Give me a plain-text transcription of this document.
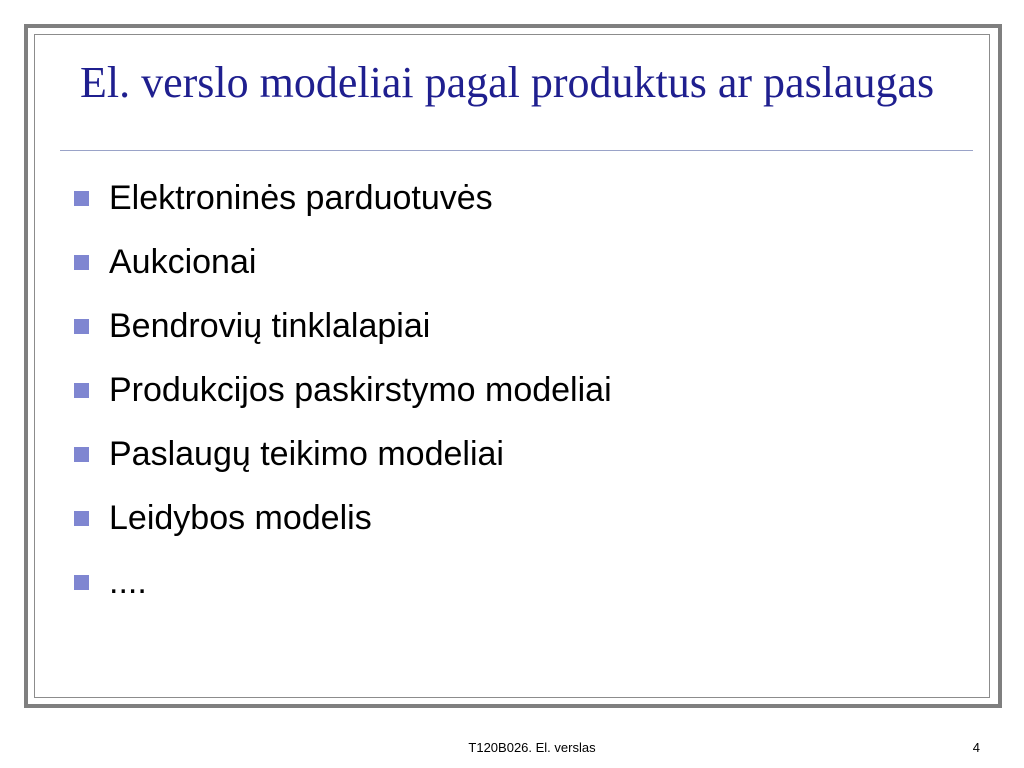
El. verslo modeliai pagal produktus ar paslaugas
Elektroninės parduotuvės
Aukcionai
Bendrovių tinklalapiai
Produkcijos paskirstymo modeliai
Paslaugų teikimo modeliai
Leidybos modelis
....
T120B026. El. verslas	4
